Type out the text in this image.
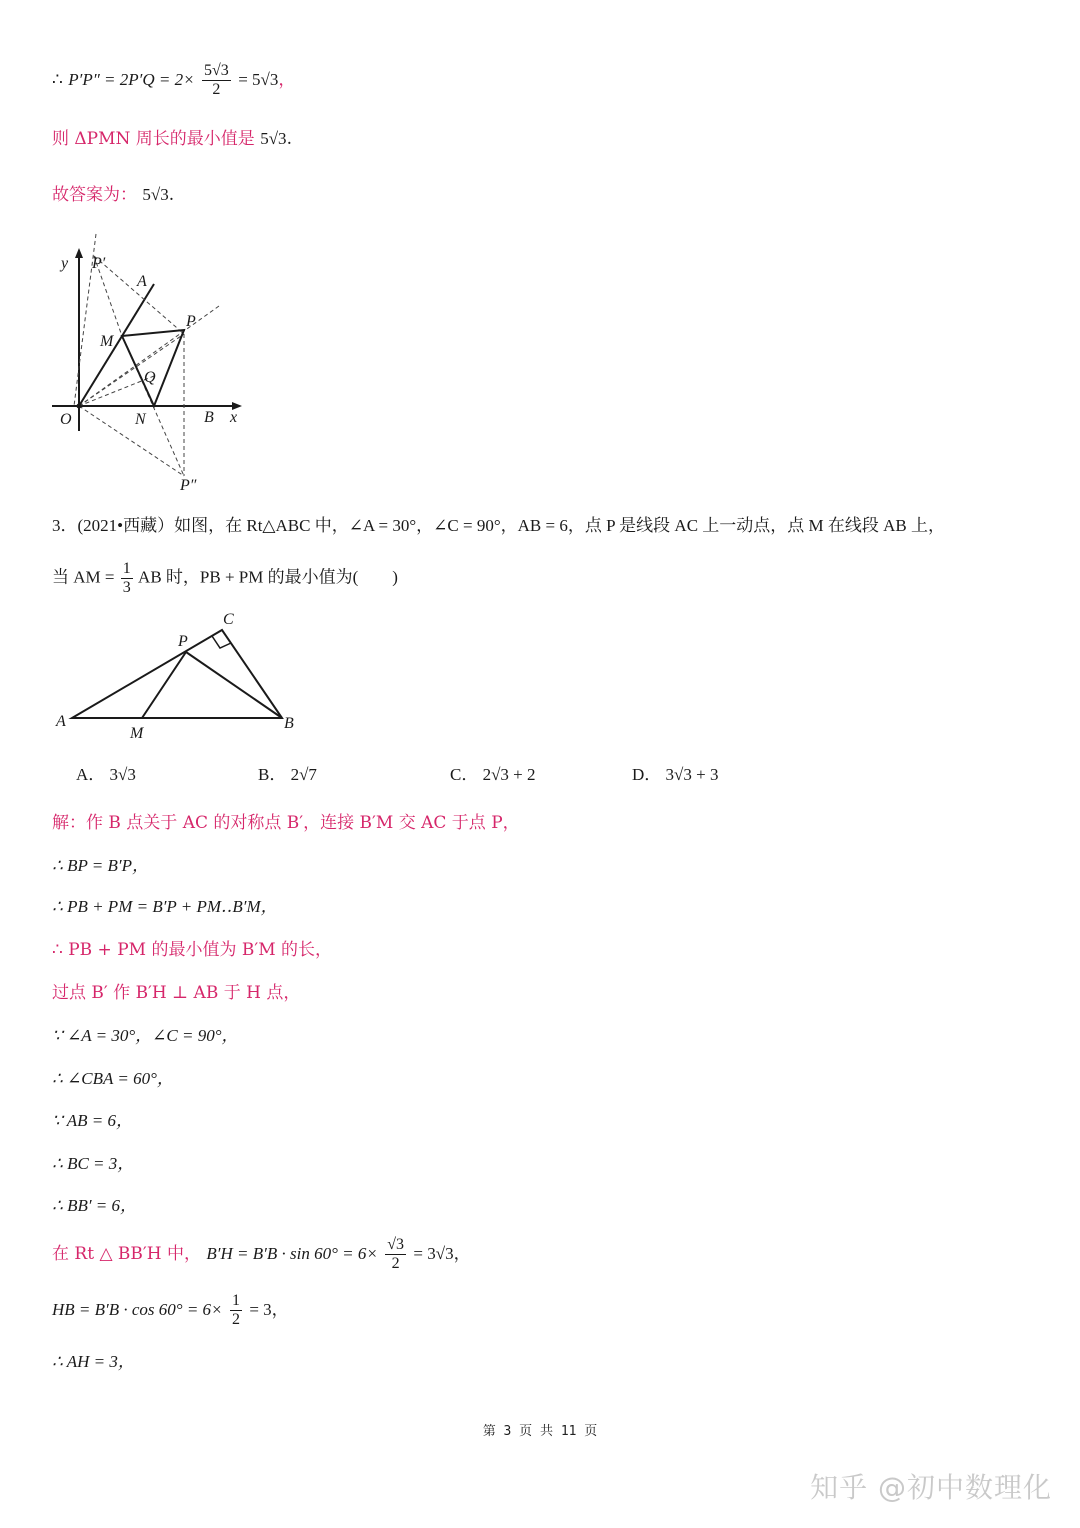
∴ $P'P'' = 2P'Q = 2\times \frac{5√3}{2} = 5√3$，
则 ΔPMN 周长的最小值是 5√3.
故答案为： 5√3.
y P′
A
M
P
Q
O	N	B x
P″
3．(2021•西藏）如图，在 Rt△ABC 中，∠A = 30°，∠C = 90°，AB = 6，点 P 是线段 AC 上一动点，点 M 在线段 AB 上，
当 AM = $\frac{1}{3}$ AB 时，PB + PM 的最小值为(　　)
C
P
A
M
B
A． 3√3	B． 2√7	C． 2√3 + 2	D． 3√3 + 3
解：作 B 点关于 AC 的对称点 B′，连接 B′M 交 AC 于点 P，
∴ BP = B′P，
∴ PB + PM = B′P + PM‥B′M，
∴ PB + PM 的最小值为 B′M 的长，
过点 B′ 作 B′H ⊥ AB 于 H 点，
∵ ∠A = 30°，∠C = 90°，
∴ ∠CBA = 60°，
∵ AB = 6，
∴ BC = 3，
∴ BB′ = 6，
在 Rt △ BB′H 中， $B'H = B'B \cdot \sin 60^\circ = 6\times \frac{√3}{2} = 3√3$，
HB = $B'B \cdot \cos 60^\circ = 6\times \frac{1}{2} = 3$，
∴ AH = 3，
第 3 页 共 11 页
知乎 @初中数理化
